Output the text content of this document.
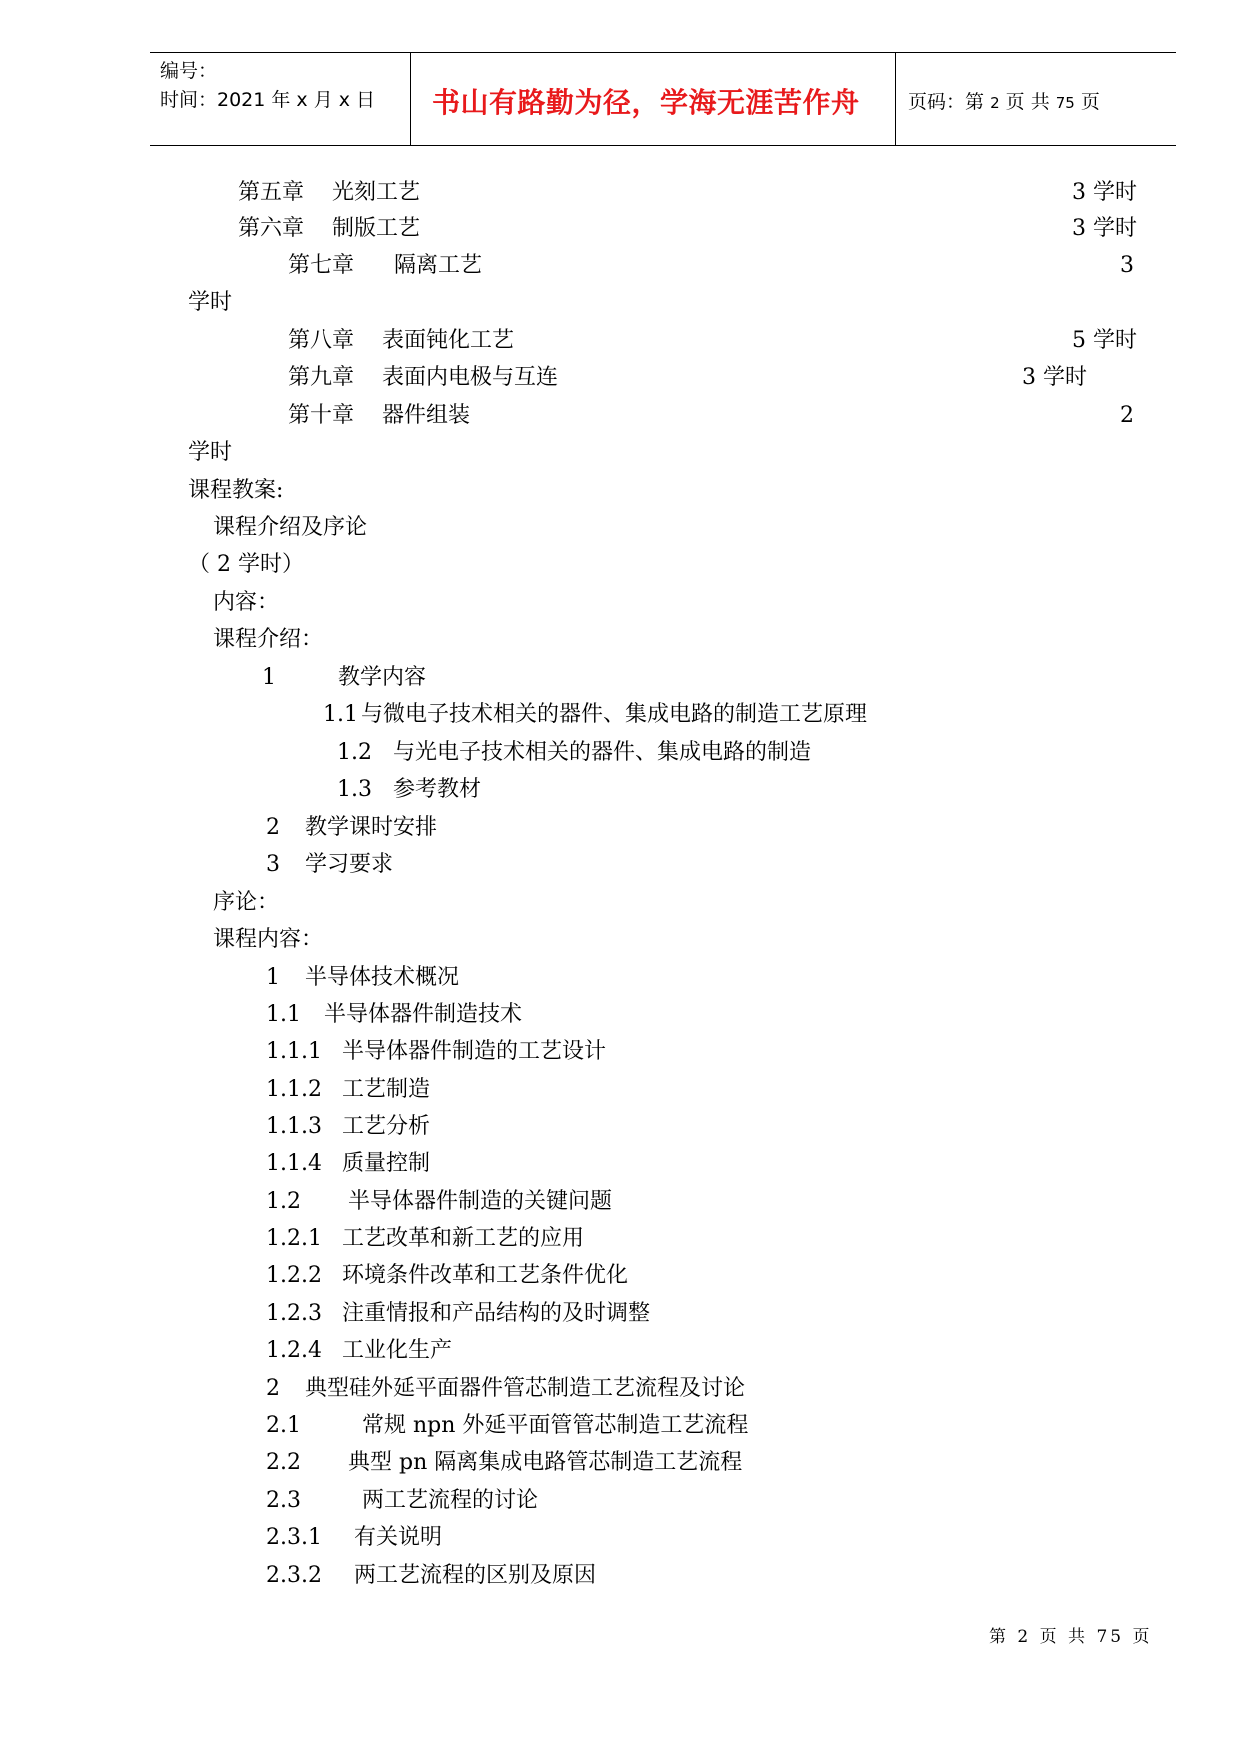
编号：
时间：2021 年 x 月 x 日 书山有路勤为径，学海无涯苦作舟	页码：第 2 页 共 75 页
第五章 光刻工艺	3 学时
第六章 制版工艺	3 学时
第七章 隔离工艺	3
学时
第八章 表面钝化工艺	5 学时
第九章 表面内电极与互连	3 学时
第十章 器件组装	2
学时
课程教案:
课程介绍及序论
（ 2 学时）
内容：
课程介绍：
1	教学内容
1.1 与微电子技术相关的器件、集成电路的制造工艺原理
1.2 与光电子技术相关的器件、集成电路的制造
1.3 参考教材
2 教学课时安排
3 学习要求
序论：
课程内容：
1 半导体技术概况
1.1 半导体器件制造技术
1.1.1 半导体器件制造的工艺设计
1.1.2 工艺制造
1.1.3 工艺分析
1.1.4 质量控制
1.2 半导体器件制造的关键问题
1.2.1 工艺改革和新工艺的应用
1.2.2 环境条件改革和工艺条件优化
1.2.3 注重情报和产品结构的及时调整
1.2.4 工业化生产
2 典型硅外延平面器件管芯制造工艺流程及讨论
2.1	常规 npn 外延平面管管芯制造工艺流程
2.2 典型 pn 隔离集成电路管芯制造工艺流程
2.3	两工艺流程的讨论
2.3.1 有关说明
2.3.2 两工艺流程的区别及原因
第 2 页 共 75 页
